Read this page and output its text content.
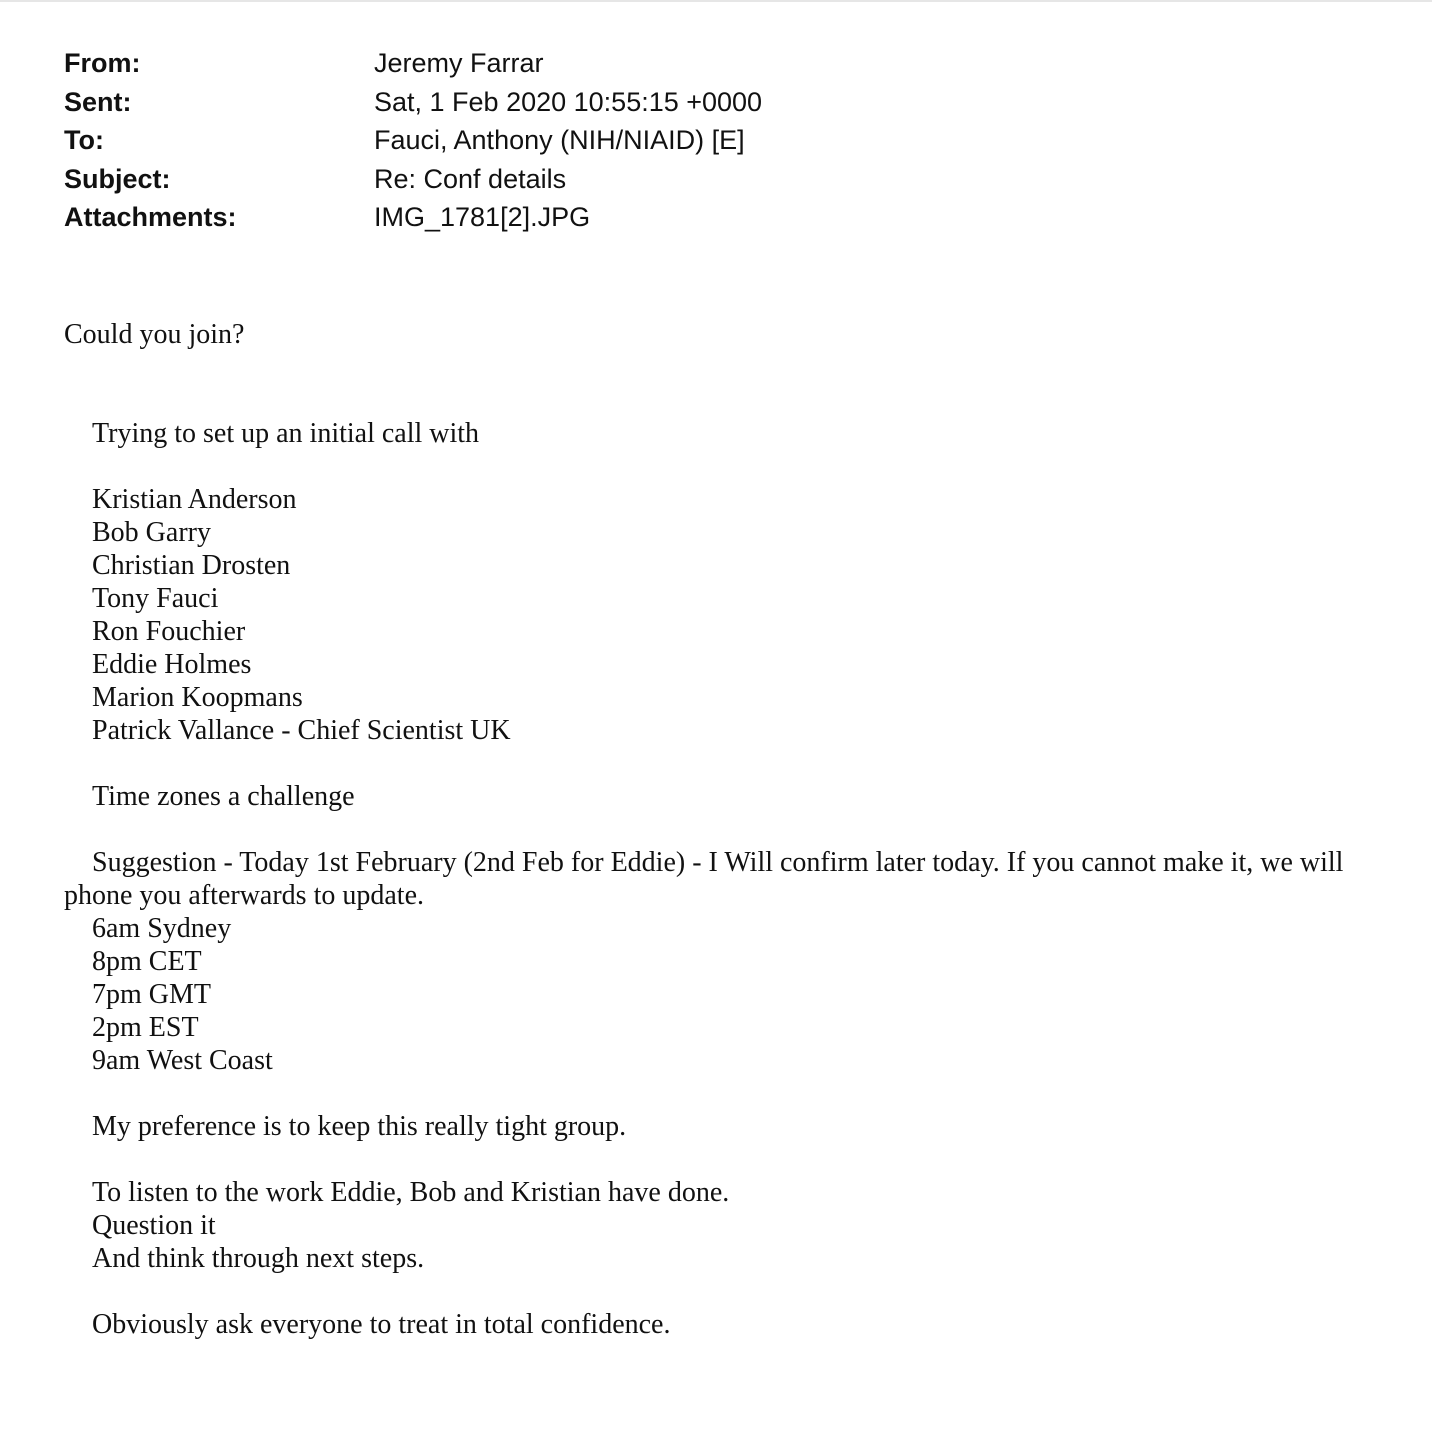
From:	Jeremy Farrar
Sent:	Sat, 1 Feb 2020 10:55:15 +0000
To:	Fauci, Anthony (NIH/NIAID) [E]
Subject:	Re: Conf details
Attachments:	IMG_1781[2].JPG
Could you join?
Trying to set up an initial call with
Kristian Anderson
Bob Garry
Christian Drosten
Tony Fauci
Ron Fouchier
Eddie Holmes
Marion Koopmans
Patrick Vallance - Chief Scientist UK
Time zones a challenge
Suggestion - Today 1st February (2nd Feb for Eddie) - I Will confirm later today. If you cannot make it, we will
phone you afterwards to update.
6am Sydney
8pm CET
7pm GMT
2pm EST
9am West Coast
My preference is to keep this really tight group.
To listen to the work Eddie, Bob and Kristian have done.
Question it
And think through next steps.
Obviously ask everyone to treat in total confidence.
